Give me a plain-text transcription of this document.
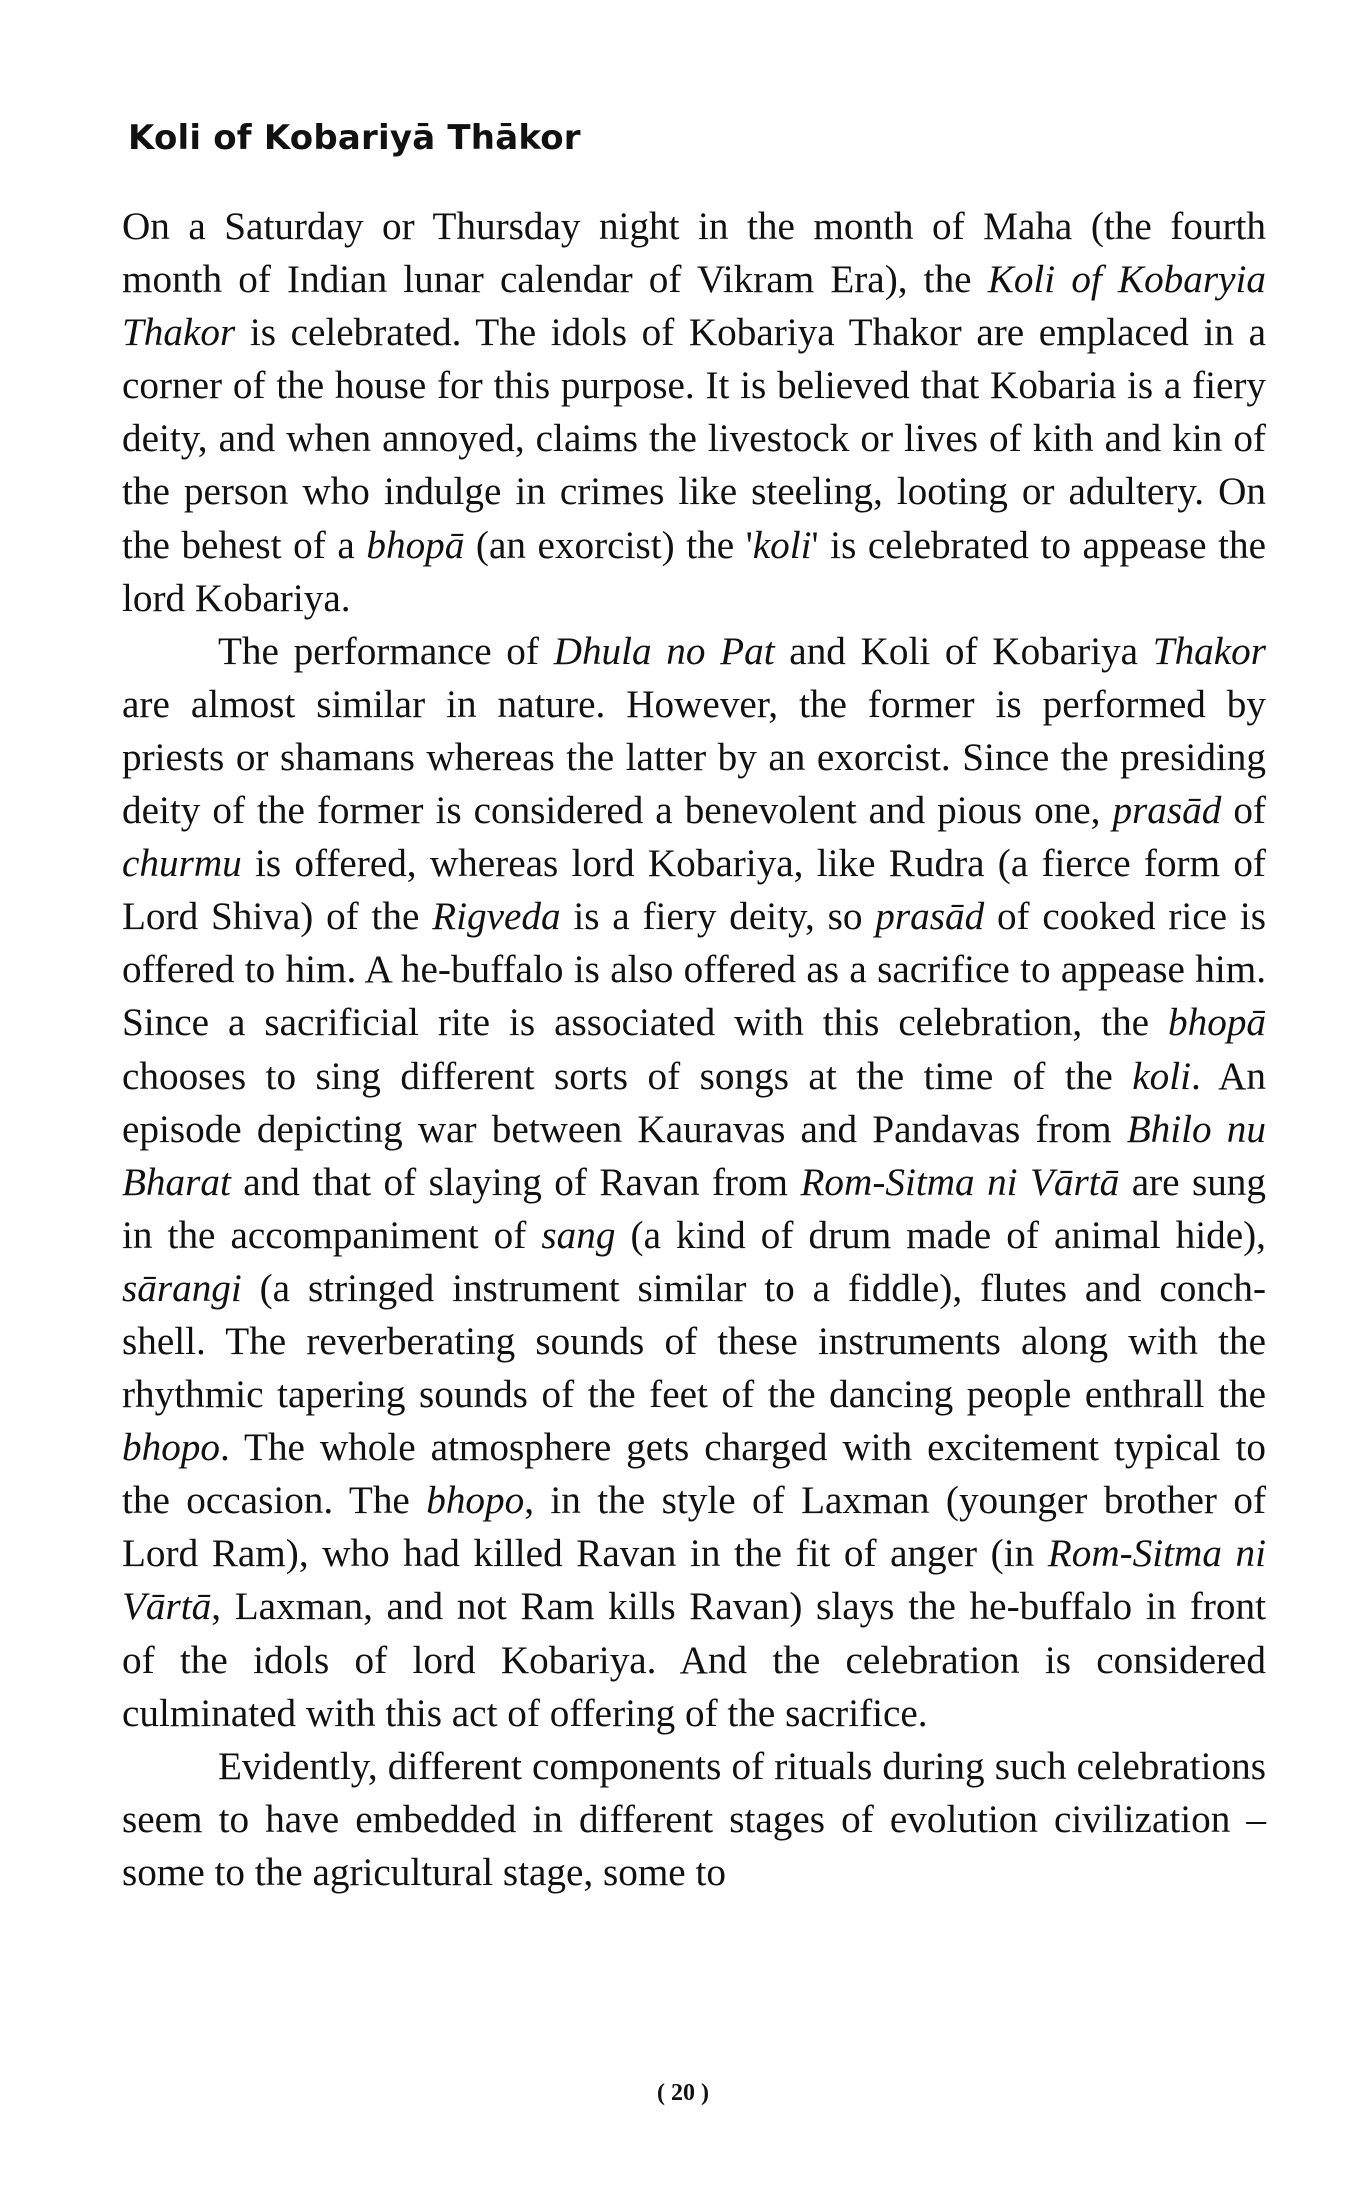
Koli of Kobariyā Thākor

On a Saturday or Thursday night in the month of Maha (the fourth month of Indian lunar calendar of Vikram Era), the Koli of Kobaryia Thakor is celebrated. The idols of Kobariya Thakor are emplaced in a corner of the house for this purpose. It is believed that Kobaria is a fiery deity, and when annoyed, claims the livestock or lives of kith and kin of the person who indulge in crimes like steeling, looting or adultery. On the behest of a bhopā (an exorcist) the 'koli' is celebrated to appease the lord Kobariya.

The performance of Dhula no Pat and Koli of Kobariya Thakor are almost similar in nature. However, the former is performed by priests or shamans whereas the latter by an exorcist. Since the presiding deity of the former is considered a benevolent and pious one, prasād of churmu is offered, whereas lord Kobariya, like Rudra (a fierce form of Lord Shiva) of the Rigveda is a fiery deity, so prasād of cooked rice is offered to him. A he-buffalo is also offered as a sacrifice to appease him. Since a sacrificial rite is associated with this celebration, the bhopā chooses to sing different sorts of songs at the time of the koli. An episode depicting war between Kauravas and Pandavas from Bhilo nu Bharat and that of slaying of Ravan from Rom-Sitma ni Vārtā are sung in the accompaniment of sang (a kind of drum made of animal hide), sārangi (a stringed instrument similar to a fiddle), flutes and conch-shell. The reverberating sounds of these instruments along with the rhythmic tapering sounds of the feet of the dancing people enthrall the bhopo. The whole atmosphere gets charged with excitement typical to the occasion. The bhopo, in the style of Laxman (younger brother of Lord Ram), who had killed Ravan in the fit of anger (in Rom-Sitma ni Vārtā, Laxman, and not Ram kills Ravan) slays the he-buffalo in front of the idols of lord Kobariya. And the celebration is considered culminated with this act of offering of the sacrifice.

Evidently, different components of rituals during such celebrations seem to have embedded in different stages of evolution civilization – some to the agricultural stage, some to

( 20 )
